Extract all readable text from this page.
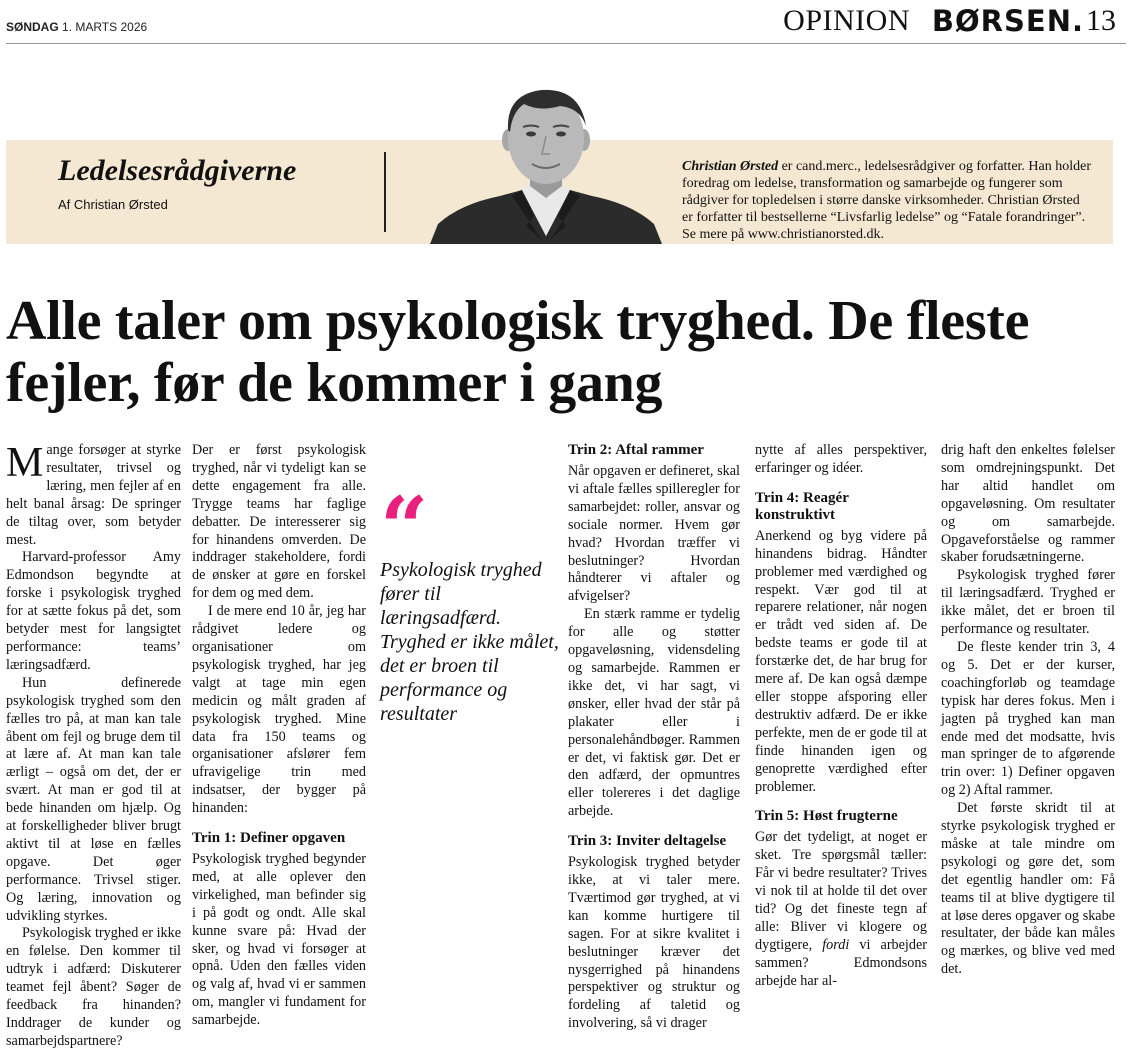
SØNDAG 1. MARTS 2026	OPINION BØRSEN. 13
Ledelsesrådgiverne
Af Christian Ørsted
Christian Ørsted er cand.merc., ledelsesrådgiver og forfatter. Han holder foredrag om ledelse, transformation og samarbejde og fungerer som rådgiver for topledelsen i større danske virksomheder. Christian Ørsted er forfatter til bestsellerne “Livsfarlig ledelse” og “Fatale forandringer”. Se mere på www.christianorsted.dk.
Alle taler om psykologisk tryghed. De fleste fejler, før de kommer i gang

Mange forsøger at styrke resultater, trivsel og læring, men fejler af en helt banal årsag: De springer de tiltag over, som betyder mest.

Harvard-professor Amy Edmondson begyndte at forske i psykologisk tryghed for at sætte fokus på det, som betyder mest for langsigtet performance: teams’ læringsadfærd.

Hun definerede psykologisk tryghed som den fælles tro på, at man kan tale åbent om fejl og bruge dem til at lære af. At man kan tale ærligt – også om det, der er svært. At man er god til at bede hinanden om hjælp. Og at forskelligheder bliver brugt aktivt til at løse en fælles opgave. Det øger performance. Trivsel stiger. Og læring, innovation og udvikling styrkes.

Psykologisk tryghed er ikke en følelse. Den kommer til udtryk i adfærd: Diskuterer teamet fejl åbent? Søger de feedback fra hinanden? Inddrager de kunder og samarbejdspartnere?

Der er først psykologisk tryghed, når vi tydeligt kan se dette engagement fra alle. Trygge teams har faglige debatter. De interesserer sig for hinandens omverden. De inddrager stakeholdere, fordi de ønsker at gøre en forskel for dem og med dem.

I de mere end 10 år, jeg har rådgivet ledere og organisationer om psykologisk tryghed, har jeg valgt at tage min egen medicin og målt graden af psykologisk tryghed. Mine data fra 150 teams og organisationer afslører fem ufravigelige trin med indsatser, der bygger på hinanden:

Trin 1: Definer opgaven

Psykologisk tryghed begynder med, at alle oplever den virkelighed, man befinder sig i på godt og ondt. Alle skal kunne svare på: Hvad der sker, og hvad vi forsøger at opnå. Uden den fælles viden og valg af, hvad vi er sammen om, mangler vi fundament for samarbejde.

“
Psykologisk tryghed fører til læringsadfærd. Tryghed er ikke målet, det er broen til performance og resultater
Trin 2: Aftal rammer

Når opgaven er defineret, skal vi aftale fælles spilleregler for samarbejdet: roller, ansvar og sociale normer. Hvem gør hvad? Hvordan træffer vi beslutninger? Hvordan håndterer vi aftaler og afvigelser?

En stærk ramme er tydelig for alle og støtter opgaveløsning, vidensdeling og samarbejde. Rammen er ikke det, vi har sagt, vi ønsker, eller hvad der står på plakater eller i personalehåndbøger. Rammen er det, vi faktisk gør. Det er den adfærd, der opmuntres eller tolereres i det daglige arbejde.

Trin 3: Inviter deltagelse

Psykologisk tryghed betyder ikke, at vi taler mere. Tværtimod gør tryghed, at vi kan komme hurtigere til sagen. For at sikre kvalitet i beslutninger kræver det nysgerrighed på hinandens perspektiver og struktur og fordeling af taletid og involvering, så vi drager

nytte af alles perspektiver, erfaringer og idéer.

Trin 4: Reagér konstruktivt

Anerkend og byg videre på hinandens bidrag. Håndter problemer med værdighed og respekt. Vær god til at reparere relationer, når nogen er trådt ved siden af. De bedste teams er gode til at forstærke det, de har brug for mere af. De kan også dæmpe eller stoppe afsporing eller destruktiv adfærd. De er ikke perfekte, men de er gode til at finde hinanden igen og genoprette værdighed efter problemer.

Trin 5: Høst frugterne

Gør det tydeligt, at noget er sket. Tre spørgsmål tæller: Får vi bedre resultater? Trives vi nok til at holde til det over tid? Og det fineste tegn af alle: Bliver vi klogere og dygtigere, fordi vi arbejder sammen? Edmondsons arbejde har al-

drig haft den enkeltes følelser som omdrejningspunkt. Det har altid handlet om opgaveløsning. Om resultater og om samarbejde. Opgaveforståelse og rammer skaber forudsætningerne.

Psykologisk tryghed fører til læringsadfærd. Tryghed er ikke målet, det er broen til performance og resultater.

De fleste kender trin 3, 4 og 5. Det er der kurser, coachingforløb og teamdage typisk har deres fokus. Men i jagten på tryghed kan man ende med det modsatte, hvis man springer de to afgørende trin over: 1) Definer opgaven og 2) Aftal rammer.

Det første skridt til at styrke psykologisk tryghed er måske at tale mindre om psykologi og gøre det, som det egentlig handler om: Få teams til at blive dygtigere til at løse deres opgaver og skabe resultater, der både kan måles og mærkes, og blive ved med det.
